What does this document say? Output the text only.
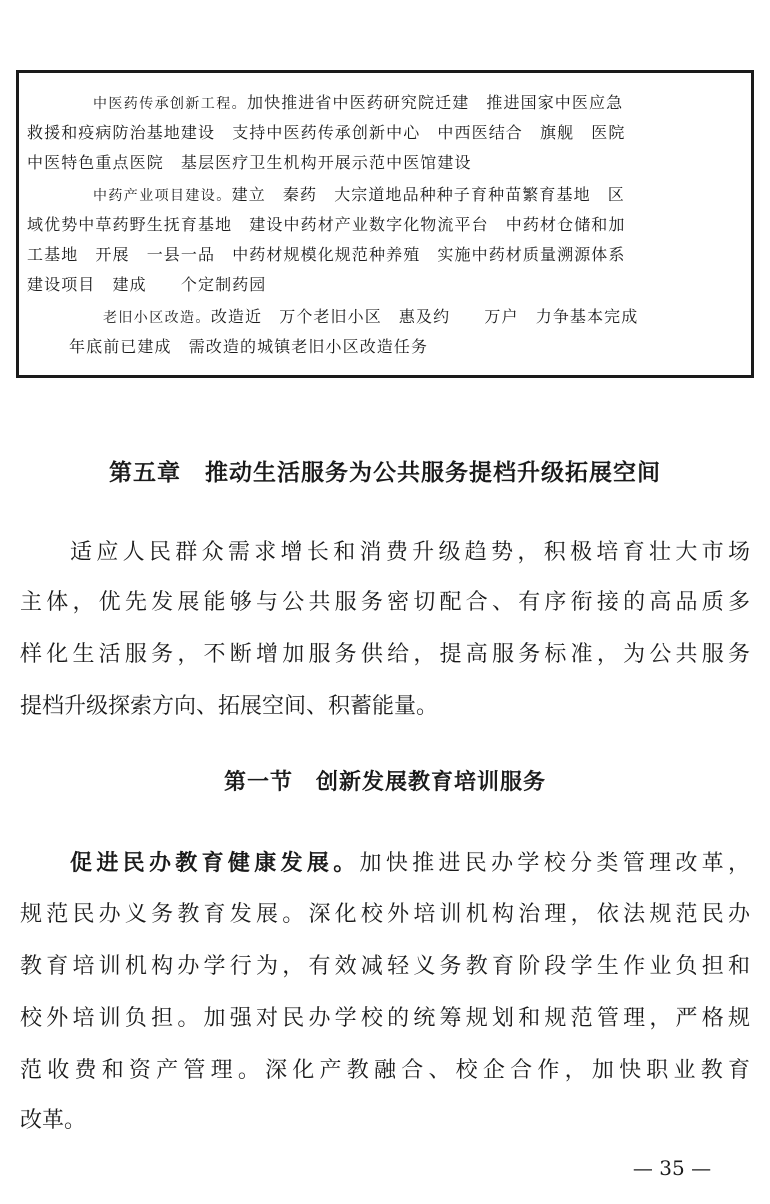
中医药传承创新工程。加快推进省中医药研究院迁建　推进国家中医应急
救援和疫病防治基地建设　支持中医药传承创新中心　中西医结合　旗舰　医院
中医特色重点医院　基层医疗卫生机构开展示范中医馆建设
中药产业项目建设。建立　秦药　大宗道地品种种子育种苗繁育基地　区
域优势中草药野生抚育基地　建设中药材产业数字化物流平台　中药材仓储和加
工基地　开展　一县一品　中药材规模化规范种养殖　实施中药材质量溯源体系
建设项目　建成　　个定制药园
老旧小区改造。改造近　万个老旧小区　惠及约　　万户　力争基本完成
年底前已建成　需改造的城镇老旧小区改造任务
第五章　推动生活服务为公共服务提档升级拓展空间
适应人民群众需求增长和消费升级趋势，积极培育壮大市场
主体，优先发展能够与公共服务密切配合、有序衔接的高品质多
样化生活服务，不断增加服务供给，提高服务标准，为公共服务
提档升级探索方向、拓展空间、积蓄能量。
第一节　创新发展教育培训服务
促进民办教育健康发展。加快推进民办学校分类管理改革，
规范民办义务教育发展。深化校外培训机构治理，依法规范民办
教育培训机构办学行为，有效减轻义务教育阶段学生作业负担和
校外培训负担。加强对民办学校的统筹规划和规范管理，严格规
范收费和资产管理。深化产教融合、校企合作，加快职业教育
改革。
— 35 —
